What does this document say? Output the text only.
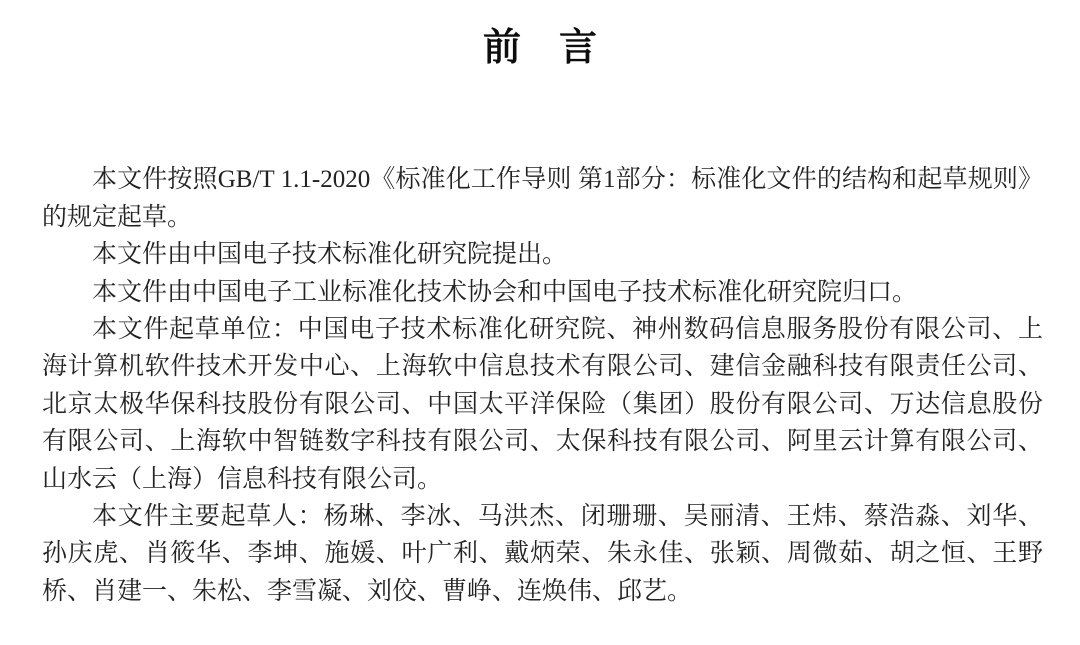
前　言
本文件按照GB/T 1.1-2020《标准化工作导则 第1部分：标准化文件的结构和起草规则》
的规定起草。
本文件由中国电子技术标准化研究院提出。
本文件由中国电子工业标准化技术协会和中国电子技术标准化研究院归口。
本文件起草单位：中国电子技术标准化研究院、神州数码信息服务股份有限公司、上
海计算机软件技术开发中心、上海软中信息技术有限公司、建信金融科技有限责任公司、
北京太极华保科技股份有限公司、中国太平洋保险（集团）股份有限公司、万达信息股份
有限公司、上海软中智链数字科技有限公司、太保科技有限公司、阿里云计算有限公司、
山水云（上海）信息科技有限公司。
本文件主要起草人：杨琳、李冰、马洪杰、闭珊珊、吴丽清、王炜、蔡浩淼、刘华、
孙庆虎、肖筱华、李坤、施媛、叶广利、戴炳荣、朱永佳、张颖、周微茹、胡之恒、王野
桥、肖建一、朱松、李雪凝、刘佼、曹峥、连焕伟、邱艺。
